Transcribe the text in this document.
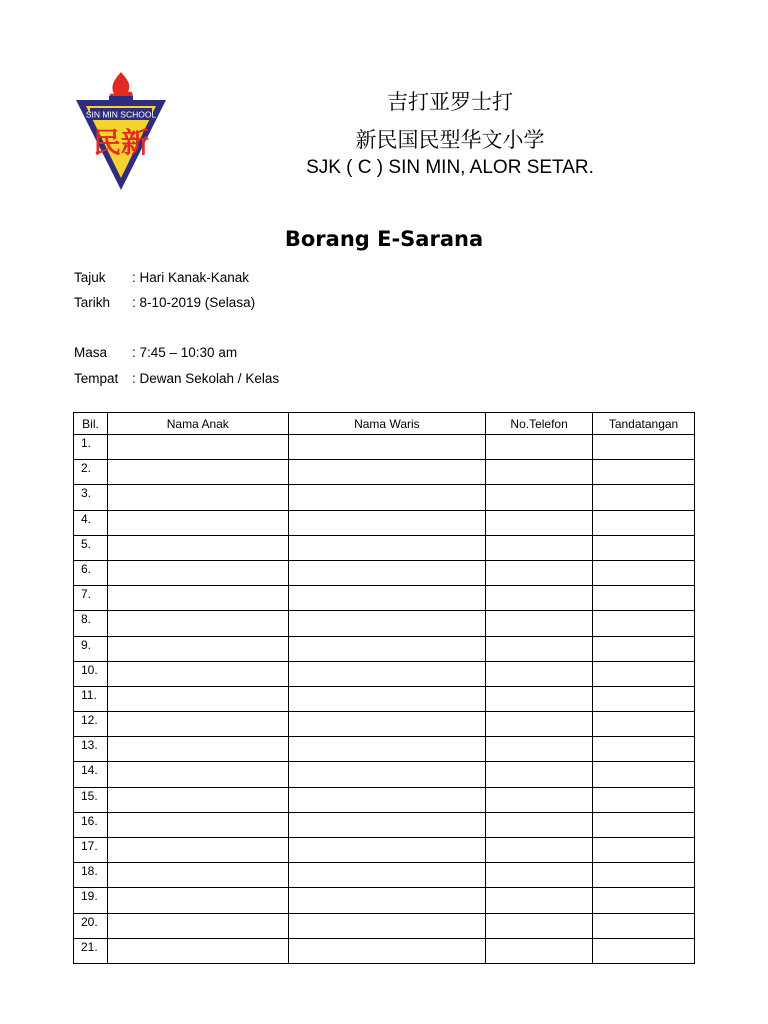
SIN MIN SCHOOL
民新
吉打亚罗士打
新民国民型华文小学
SJK ( C ) SIN MIN, ALOR SETAR.
Borang E-Sarana
Tajuk	: Hari Kanak-Kanak
Tarikh	: 8-10-2019 (Selasa)
Masa	: 7:45 – 10:30 am
Tempat	: Dewan Sekolah / Kelas
Bil.	Nama Anak	Nama Waris	No.Telefon	Tandatangan
1.				
2.				
3.				
4.				
5.				
6.				
7.				
8.				
9.				
10.				
11.				
12.				
13.				
14.				
15.				
16.				
17.				
18.				
19.				
20.				
21.				
